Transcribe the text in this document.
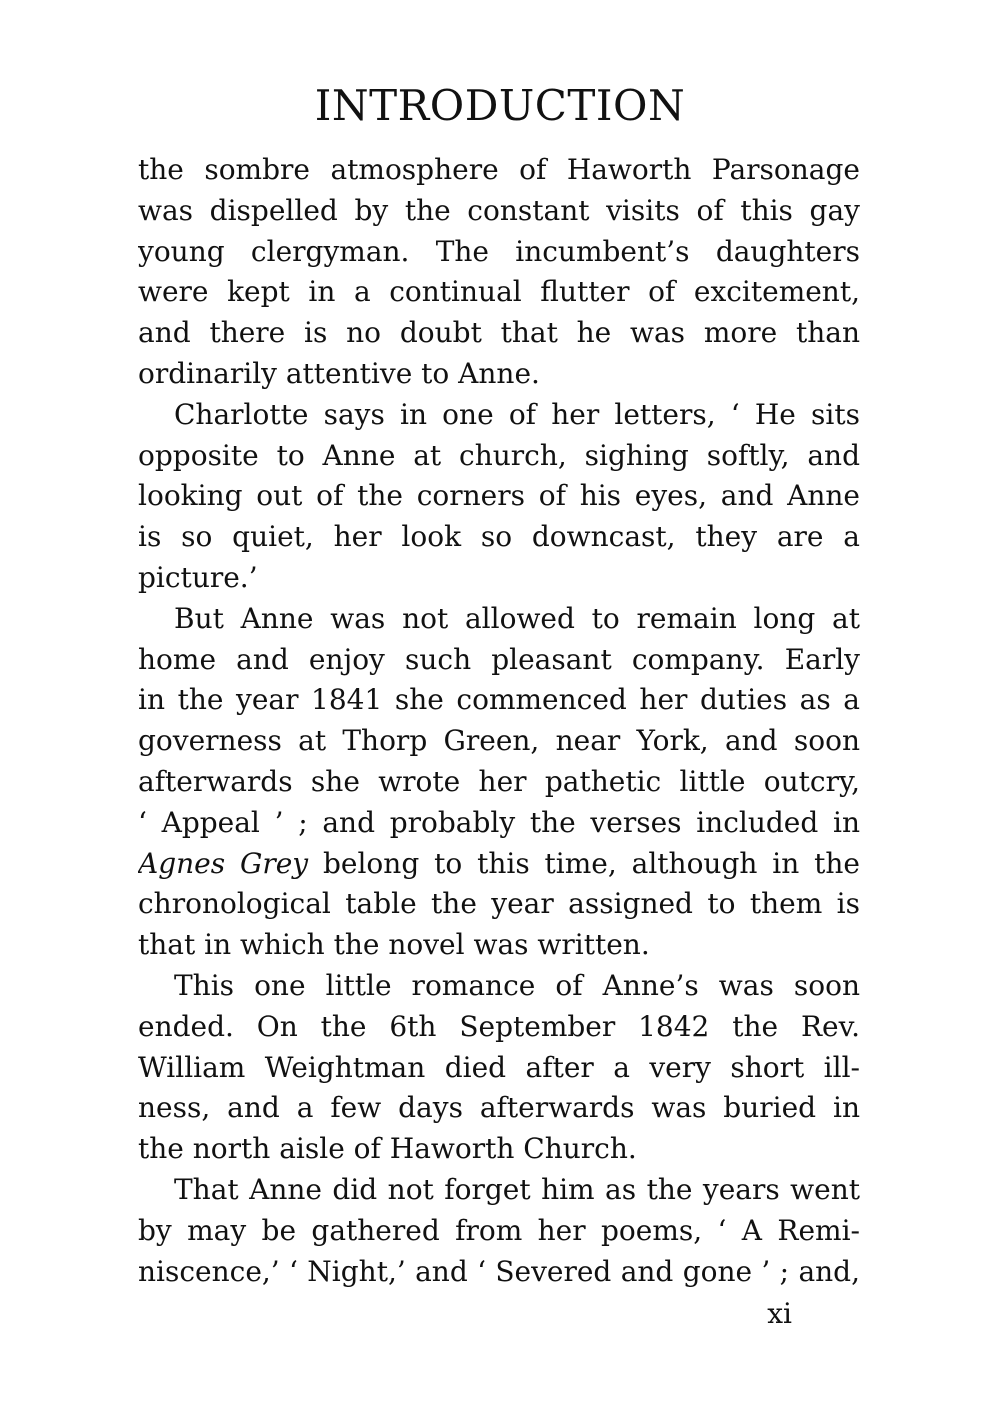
INTRODUCTION
the sombre atmosphere of Haworth Parsonage
was dispelled by the constant visits of this gay
young clergyman. The incumbent’s daughters
were kept in a continual flutter of excitement,
and there is no doubt that he was more than
ordinarily attentive to Anne.
Charlotte says in one of her letters, ‘ He sits
opposite to Anne at church, sighing softly, and
looking out of the corners of his eyes, and Anne
is so quiet, her look so downcast, they are a
picture.’
But Anne was not allowed to remain long at
home and enjoy such pleasant company. Early
in the year 1841 she commenced her duties as a
governess at Thorp Green, near York, and soon
afterwards she wrote her pathetic little outcry,
‘ Appeal ’ ; and probably the verses included in
Agnes Grey belong to this time, although in the
chronological table the year assigned to them is
that in which the novel was written.
This one little romance of Anne’s was soon
ended. On the 6th September 1842 the Rev.
William Weightman died after a very short ill-
ness, and a few days afterwards was buried in
the north aisle of Haworth Church.
That Anne did not forget him as the years went
by may be gathered from her poems, ‘ A Remi-
niscence,’ ‘ Night,’ and ‘ Severed and gone ’ ; and,
xi
